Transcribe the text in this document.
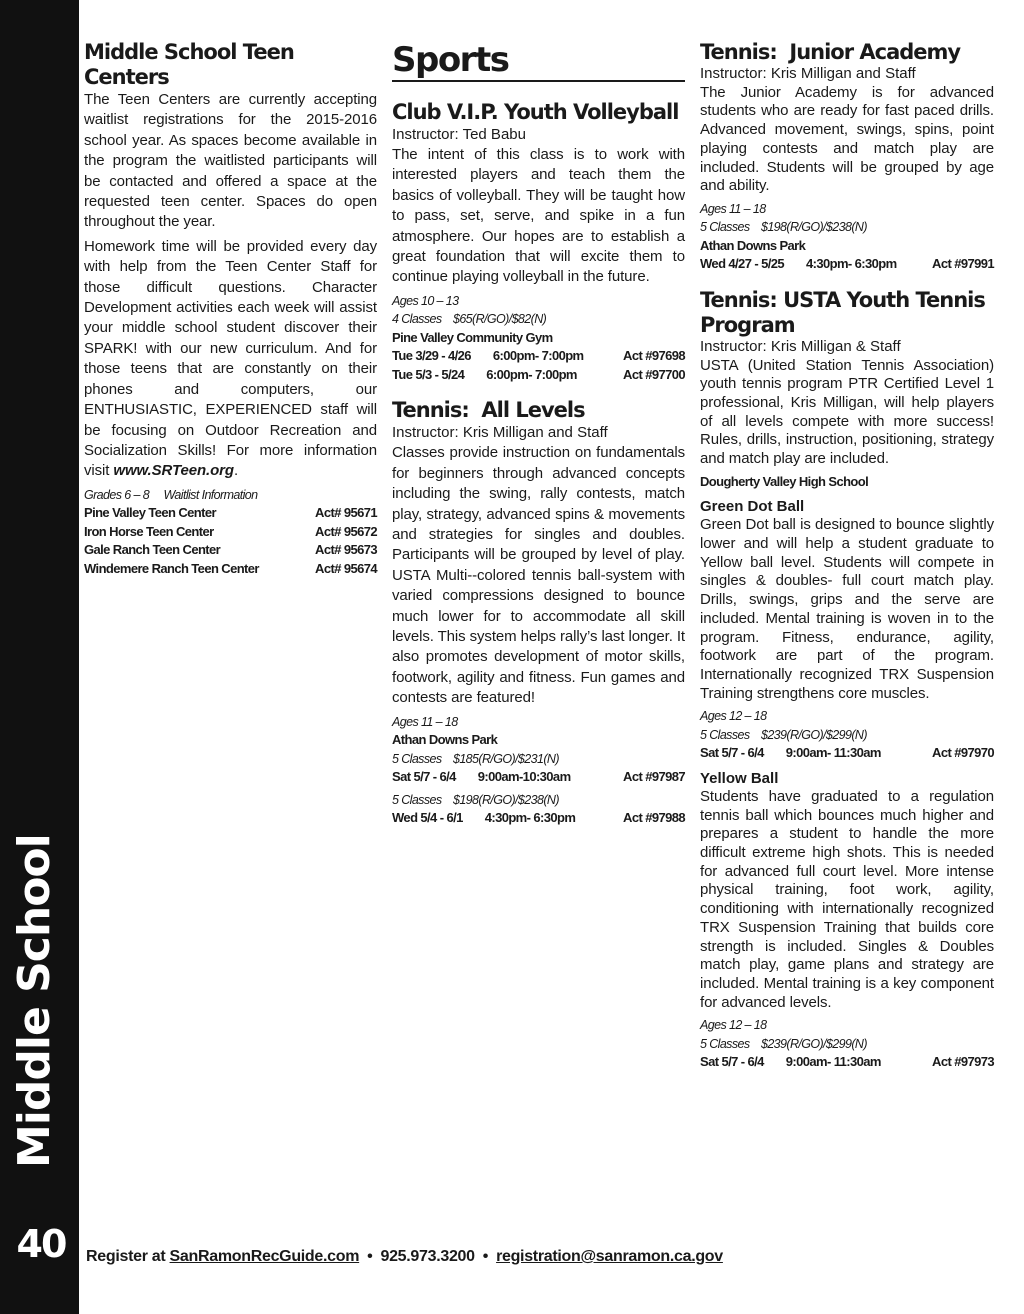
Middle School
40
Middle School Teen Centers

The Teen Centers are currently accepting waitlist registrations for the 2015-2016 school year. As spaces become available in the program the waitlisted participants will be contacted and offered a space at the requested teen center. Spaces do open throughout the year.

Homework time will be provided every day with help from the Teen Center Staff for those difficult questions. Character Development activities each week will assist your middle school student discover their SPARK! with our new curriculum. And for those teens that are constantly on their phones and computers, our ENTHUSIASTIC, EXPERIENCED staff will be focusing on Outdoor Recreation and Socialization Skills! For more information visit www.SRTeen.org.

Grades 6 – 8 Waitlist Information

Pine Valley Teen Center	Act# 95671
Iron Horse Teen Center	Act# 95672
Gale Ranch Teen Center	Act# 95673
Windemere Ranch Teen Center	Act# 95674
Sports
Club V.I.P. Youth Volleyball

Instructor: Ted Babu

The intent of this class is to work with interested players and teach them the basics of volleyball. They will be taught how to pass, set, serve, and spike in a fun atmosphere. Our hopes are to establish a great foundation that will excite them to continue playing volleyball in the future.

Ages 10 – 13

4 Classes    $65(R/GO)/$82(N)

Pine Valley Community Gym

Tue 3/29 - 4/26	6:00pm- 7:00pm	Act #97698
Tue 5/3 - 5/24	6:00pm- 7:00pm	Act #97700
Tennis:  All Levels

Instructor: Kris Milligan and Staff

Classes provide instruction on fundamentals for beginners through advanced concepts including the swing, rally contests, match play, strategy, advanced spins & movements and strategies for singles and doubles. Participants will be grouped by level of play. USTA Multi--colored tennis ball-system with varied compressions designed to bounce much lower for to accommodate all skill levels. This system helps rally’s last longer. It also promotes development of motor skills, footwork, agility and fitness. Fun games and contests are featured!

Ages 11 – 18

Athan Downs Park

5 Classes    $185(R/GO)/$231(N)

Sat 5/7 - 6/4	9:00am-10:30am	Act #97987

5 Classes    $198(R/GO)/$238(N)

Wed 5/4 - 6/1	4:30pm- 6:30pm	Act #97988
Tennis:  Junior Academy

Instructor: Kris Milligan and Staff

The Junior Academy is for advanced students who are ready for fast paced drills. Advanced movement, swings, spins, point playing contests and match play are included. Students will be grouped by age and ability.

Ages 11 – 18

5 Classes    $198(R/GO)/$238(N)

Athan Downs Park

Wed 4/27 - 5/25	4:30pm- 6:30pm	Act #97991
Tennis: USTA Youth Tennis Program

Instructor: Kris Milligan & Staff

USTA (United Station Tennis Association) youth tennis program PTR Certified Level 1 professional, Kris Milligan, will help players of all levels compete with more success! Rules, drills, instruction, positioning, strategy and match play are included.

Dougherty Valley High School

Green Dot Ball

Green Dot ball is designed to bounce slightly lower and will help a student graduate to Yellow ball level. Students will compete in singles & doubles- full court match play. Drills, swings, grips and the serve are included. Mental training is woven in to the program. Fitness, endurance, agility, footwork are part of the program. Internationally recognized TRX Suspension Training strengthens core muscles.

Ages 12 – 18

5 Classes    $239(R/GO)/$299(N)

Sat 5/7 - 6/4	9:00am- 11:30am	Act #97970

Yellow Ball

Students have graduated to a regulation tennis ball which bounces much higher and prepares a student to handle the more difficult extreme high shots. This is needed for advanced full court level. More intense physical training, foot work, agility, conditioning with internationally recognized TRX Suspension Training that builds core strength is included. Singles & Doubles match play, game plans and strategy are included. Mental training is a key component for advanced levels.

Ages 12 – 18

5 Classes    $239(R/GO)/$299(N)

Sat 5/7 - 6/4	9:00am- 11:30am	Act #97973
Register at SanRamonRecGuide.com • 925.973.3200 • registration@sanramon.ca.gov
